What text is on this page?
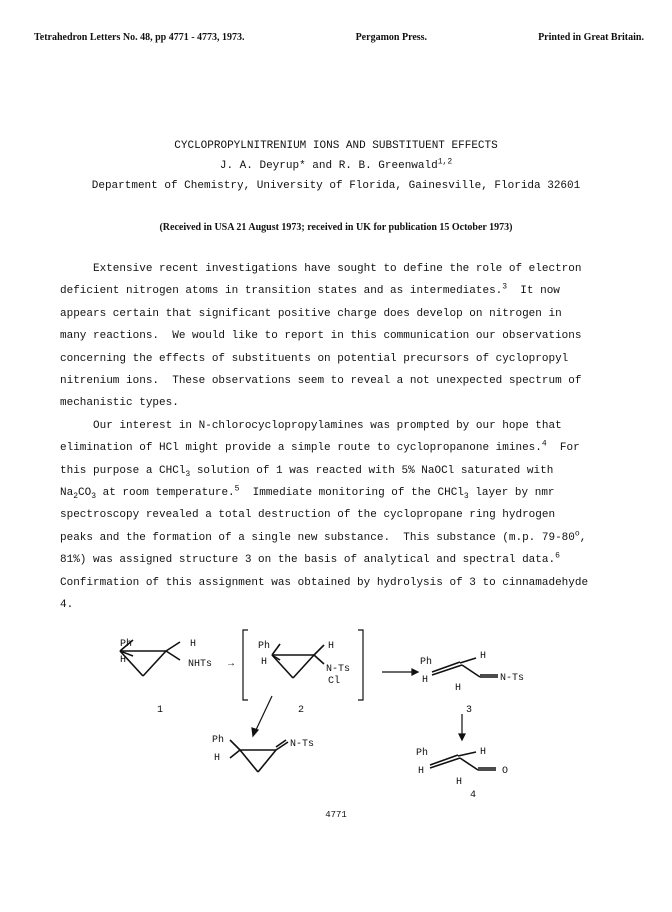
Tetrahedron Letters No. 48, pp 4771 - 4773, 1973.	Pergamon Press.	Printed in Great Britain.
CYCLOPROPYLNITRENIUM IONS AND SUBSTITUENT EFFECTS
J. A. Deyrup* and R. B. Greenwald$^{1,2}$
Department of Chemistry, University of Florida, Gainesville, Florida 32601
(Received in USA 21 August 1973; received in UK for publication 15 October 1973)
Extensive recent investigations have sought to define the role of electron
deficient nitrogen atoms in transition states and as intermediates.$^3$  It now
appears certain that significant positive charge does develop on nitrogen in
many reactions.  We would like to report in this communication our observations
concerning the effects of substituents on potential precursors of cyclopropyl
nitrenium ions.  These observations seem to reveal a not unexpected spectrum of
mechanistic types.
Our interest in N-chlorocyclopropylamines was prompted by our hope that
elimination of HCl might provide a simple route to cyclopropanone imines.$^4$  For
this purpose a CHCl$_3$ solution of 1 was reacted with 5% NaOCl saturated with
$Na_2CO_3$ at room temperature.$^5$  Immediate monitoring of the CHCl$_3$ layer by nmr
spectroscopy revealed a total destruction of the cyclopropane ring hydrogen
peaks and the formation of a single new substance.  This substance (m.p. 79-80$^o$,
81%) was assigned structure 3 on the basis of analytical and spectral data.$^6$
Confirmation of this assignment was obtained by hydrolysis of 3 to cinnamadehyde
4.
Ph
H
H
NHTs →
Ph
H
H
N-Ts
Cl
Ph
H
H
H
N-Ts
Ph
H
N-Ts
Ph
H
H
H
O
1	2	3
4
4771
